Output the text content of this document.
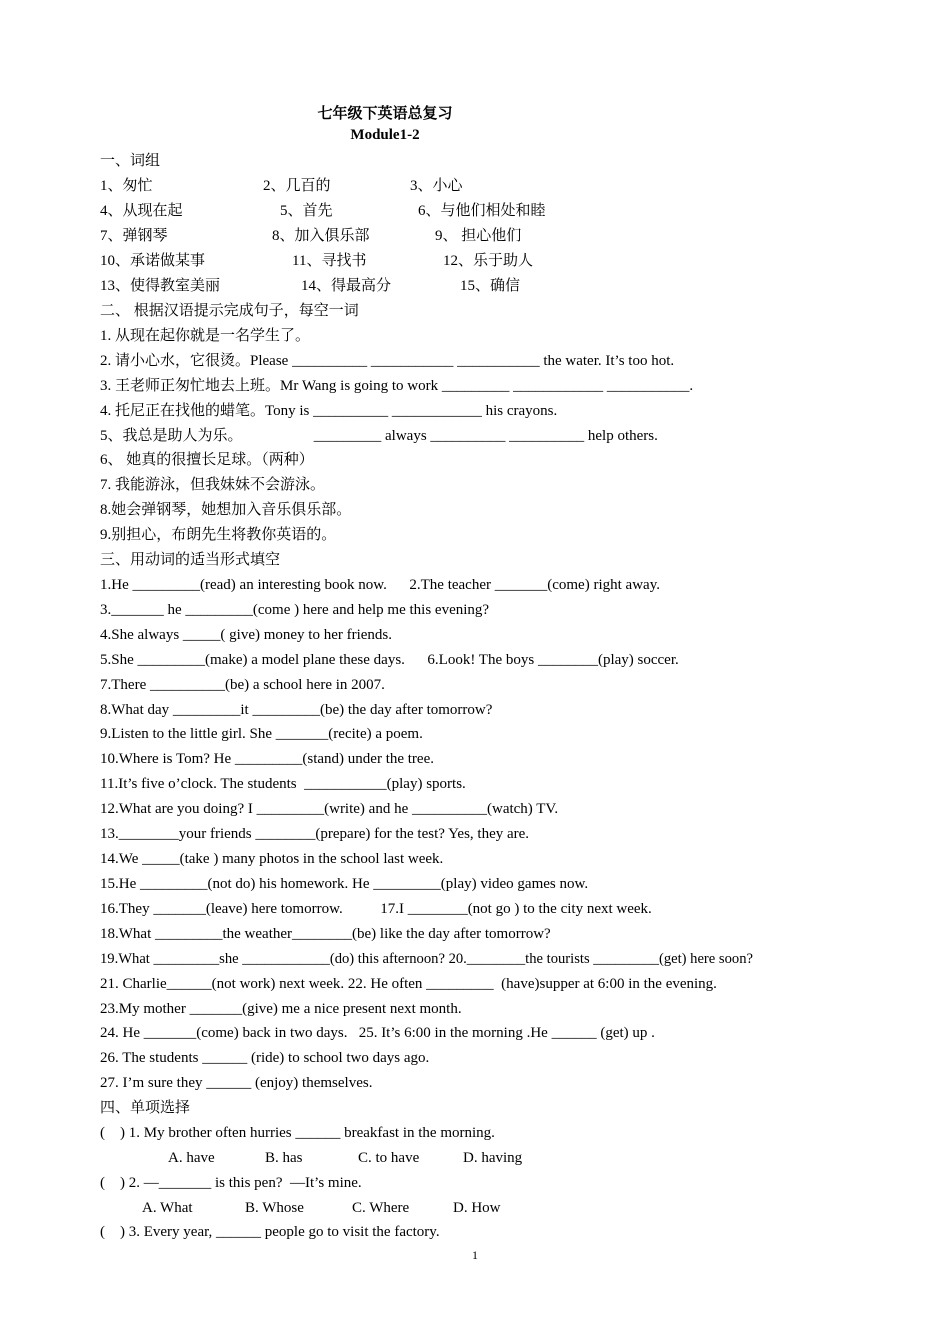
七年级下英语总复习
Module1-2
一、词组
1、匆忙	2、几百的	3、小心
4、从现在起	5、首先	6、与他们相处和睦
7、弹钢琴	8、加入俱乐部	9、 担心他们
10、承诺做某事	11、寻找书	12、乐于助人
13、使得教室美丽	14、得最高分	15、确信
二、 根据汉语提示完成句子，每空一词
1. 从现在起你就是一名学生了。
2. 请小心水，它很烫。Please __________ ___________ ___________ the water. It’s too hot.
3. 王老师正匆忙地去上班。Mr Wang is going to work _________ ____________ ___________.
4. 托尼正在找他的蜡笔。Tony is __________ ____________ his crayons.
5、我总是助人为乐。                   _________ always __________ __________ help others.
6、 她真的很擅长足球。（两种）
7. 我能游泳，但我妹妹不会游泳。
8.她会弹钢琴，她想加入音乐俱乐部。
9.别担心，布朗先生将教你英语的。
三、用动词的适当形式填空
1.He _________(read) an interesting book now.      2.The teacher _______(come) right away.
3._______ he _________(come ) here and help me this evening?
4.She always _____( give) money to her friends.
5.She _________(make) a model plane these days.      6.Look! The boys ________(play) soccer.
7.There __________(be) a school here in 2007.
8.What day _________it _________(be) the day after tomorrow?
9.Listen to the little girl. She _______(recite) a poem.
10.Where is Tom? He _________(stand) under the tree.
11.It’s five o’clock. The students  ___________(play) sports.
12.What are you doing? I _________(write) and he __________(watch) TV.
13.________your friends ________(prepare) for the test? Yes, they are.
14.We _____(take ) many photos in the school last week.
15.He _________(not do) his homework. He _________(play) video games now.
16.They _______(leave) here tomorrow.          17.I ________(not go ) to the city next week.
18.What _________the weather________(be) like the day after tomorrow?
19.What _________she ____________(do) this afternoon? 20.________the tourists _________(get) here soon?
21. Charlie______(not work) next week. 22. He often _________  (have)supper at 6:00 in the evening.
23.My mother _______(give) me a nice present next month.
24. He _______(come) back in two days.   25. It’s 6:00 in the morning .He ______ (get) up .
26. The students ______ (ride) to school two days ago.
27. I’m sure they ______ (enjoy) themselves.
四、单项选择
(    ) 1. My brother often hurries ______ breakfast in the morning.
A. have	B. has	C. to have	D. having
(    ) 2. —_______ is this pen?  —It’s mine.
A. What	B. Whose	C. Where	D. How
(    ) 3. Every year, ______ people go to visit the factory.
1
